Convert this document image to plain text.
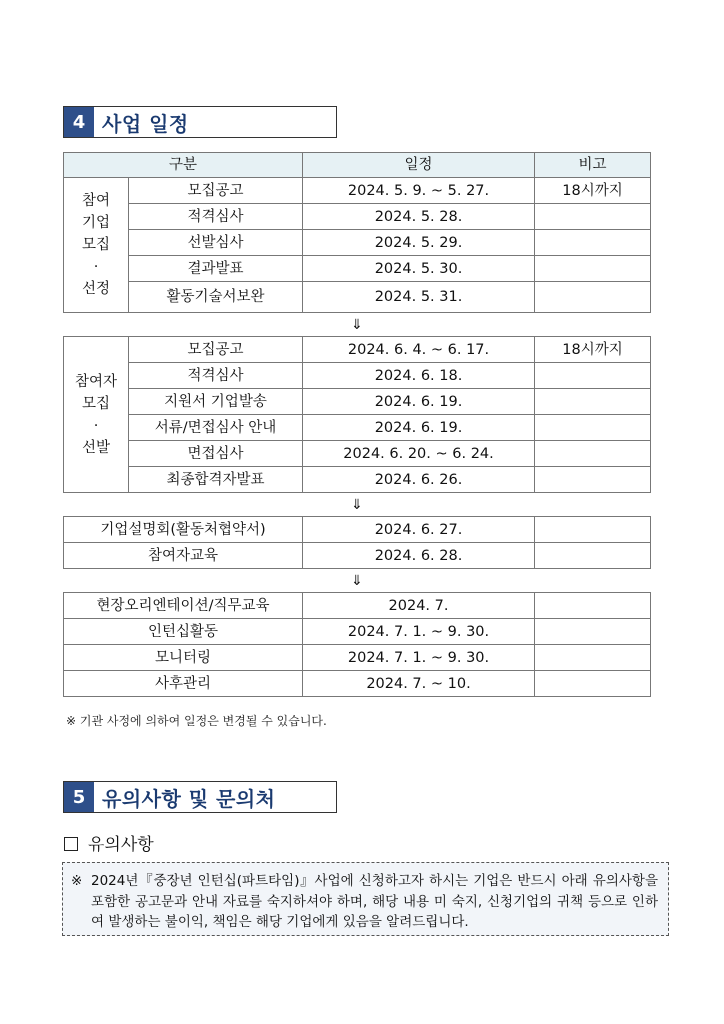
4 사업 일정
구분		일정	비고

참여
기업
모집
·
선정	모집공고	2024. 5. 9. ~ 5. 27.	18시까지
	적격심사	2024. 5. 28.	
	선발심사	2024. 5. 29.	
	결과발표	2024. 5. 30.	
	활동기술서보완	2024. 5. 31.	
⇓			

참여자
모집
·
선발	모집공고	2024. 6. 4. ~ 6. 17.	18시까지
	적격심사	2024. 6. 18.	
	지원서 기업발송	2024. 6. 19.	
	서류/면접심사 안내	2024. 6. 19.	
	면접심사	2024. 6. 20. ~ 6. 24.	
	최종합격자발표	2024. 6. 26.	
⇓			
기업설명회(활동처협약서)		2024. 6. 27.	
참여자교육		2024. 6. 28.	
⇓			
현장오리엔테이션/직무교육		2024. 7.	
인턴십활동		2024. 7. 1. ~ 9. 30.	
모니터링		2024. 7. 1. ~ 9. 30.	
사후관리		2024. 7. ~ 10.	
※ 기관 사정에 의하여 일정은 변경될 수 있습니다.
5 유의사항 및 문의처
유의사항
※ 2024년『중장년 인턴십(파트타임)』사업에 신청하고자 하시는 기업은 반드시 아래 유의사항을 포함한 공고문과 안내 자료를 숙지하셔야 하며, 해당 내용 미 숙지, 신청기업의 귀책 등으로 인하여 발생하는 불이익, 책임은 해당 기업에게 있음을 알려드립니다.
